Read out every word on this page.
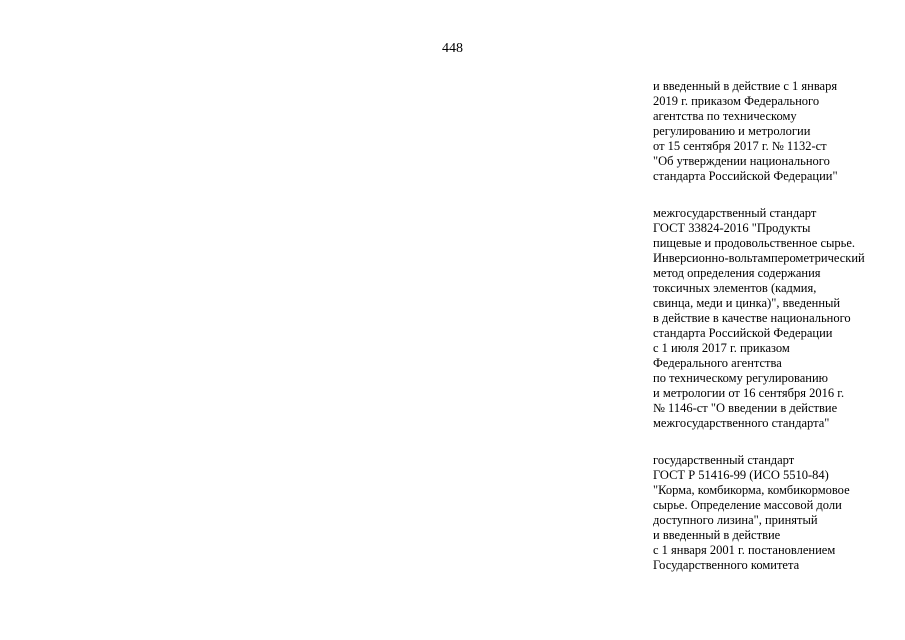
448
и введенный в действие с 1 января
2019 г. приказом Федерального
агентства по техническому
регулированию и метрологии
от 15 сентября 2017 г. № 1132-ст
"Об утверждении национального
стандарта Российской Федерации"
межгосударственный стандарт
ГОСТ 33824-2016 "Продукты
пищевые и продовольственное сырье.
Инверсионно-вольтамперометрический
метод определения содержания
токсичных элементов (кадмия,
свинца, меди и цинка)", введенный
в действие в качестве национального
стандарта Российской Федерации
с 1 июля 2017 г. приказом
Федерального агентства
по техническому регулированию
и метрологии от 16 сентября 2016 г.
№ 1146-ст "О введении в действие
межгосударственного стандарта"
государственный стандарт
ГОСТ Р 51416-99 (ИСО 5510-84)
"Корма, комбикорма, комбикормовое
сырье. Определение массовой доли
доступного лизина", принятый
и введенный в действие
с 1 января 2001 г. постановлением
Государственного комитета
